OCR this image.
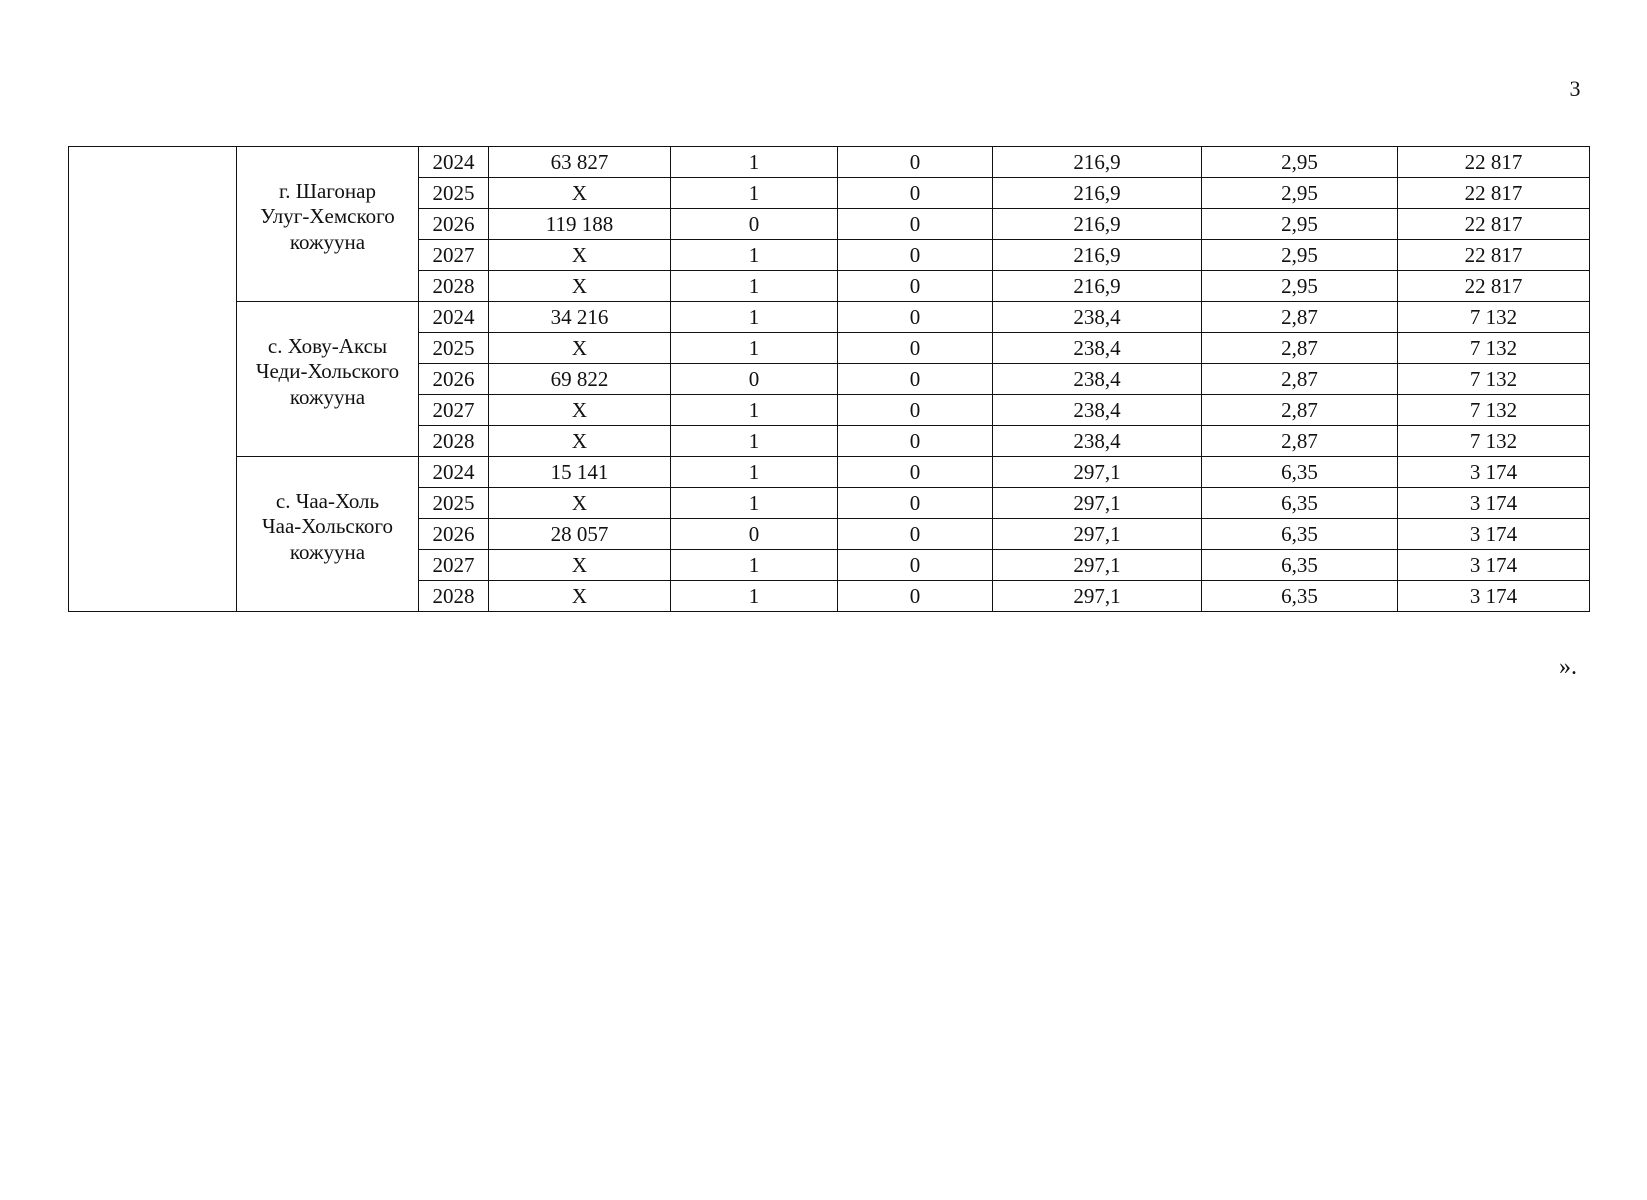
3

	г. Шагонар
Улуг-Хемского
кожууна	2024	63 827	1	0	216,9	2,95	22 817
		2025	X	1	0	216,9	2,95	22 817
		2026	119 188	0	0	216,9	2,95	22 817
		2027	X	1	0	216,9	2,95	22 817
		2028	X	1	0	216,9	2,95	22 817

	с. Хову-Аксы
Чеди-Хольского
кожууна	2024	34 216	1	0	238,4	2,87	7 132
		2025	X	1	0	238,4	2,87	7 132
		2026	69 822	0	0	238,4	2,87	7 132
		2027	X	1	0	238,4	2,87	7 132
		2028	X	1	0	238,4	2,87	7 132

	с. Чаа-Холь
Чаа-Хольского
кожууна	2024	15 141	1	0	297,1	6,35	3 174
		2025	X	1	0	297,1	6,35	3 174
		2026	28 057	0	0	297,1	6,35	3 174
		2027	X	1	0	297,1	6,35	3 174
		2028	X	1	0	297,1	6,35	3 174
».
